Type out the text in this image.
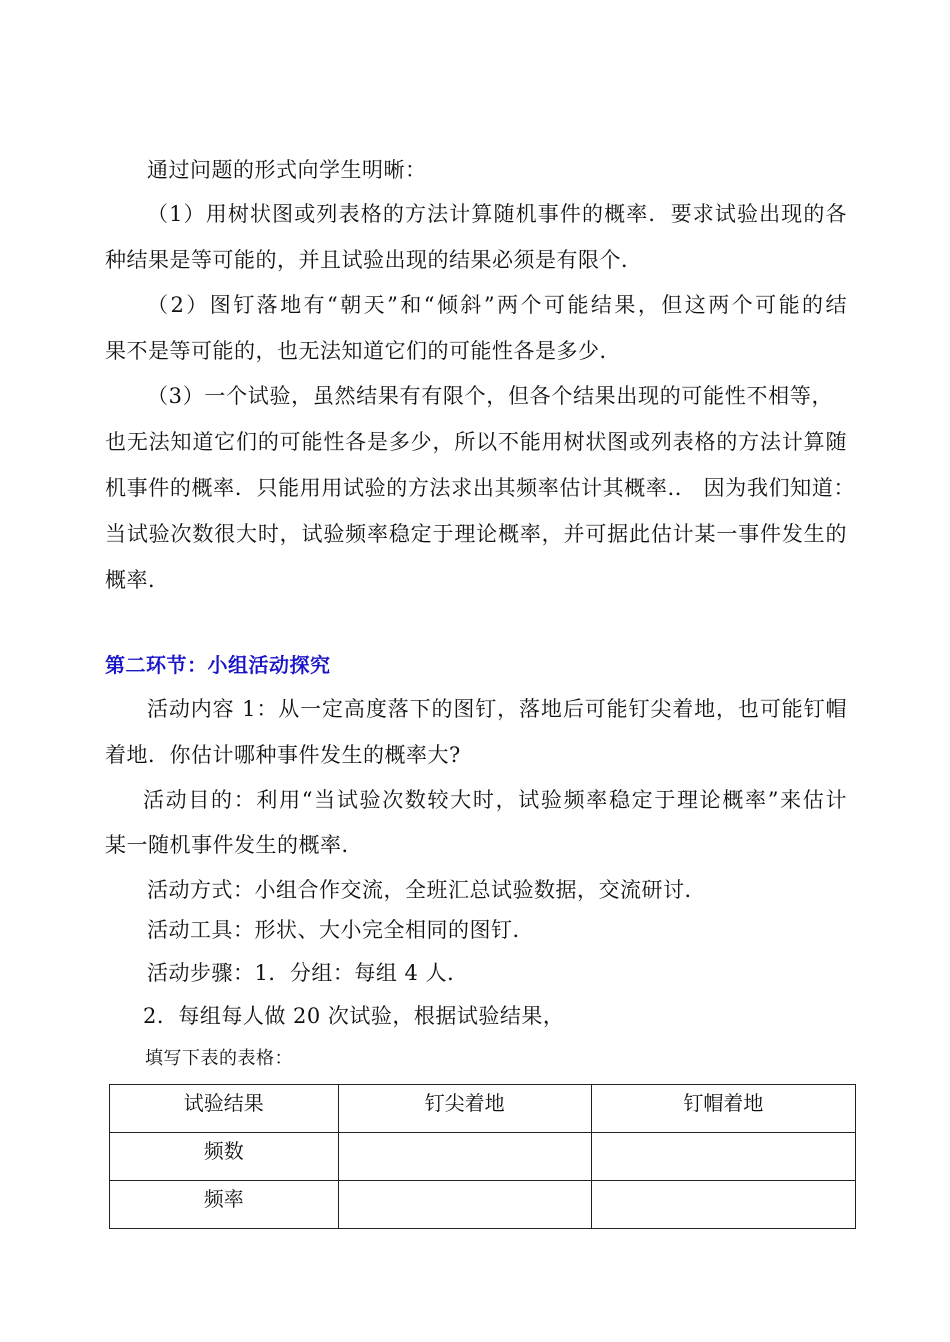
通过问题的形式向学生明晰：
（1）用树状图或列表格的方法计算随机事件的概率．要求试验出现的各
种结果是等可能的，并且试验出现的结果必须是有限个．
（2）图钉落地有“朝天”和“倾斜”两个可能结果，但这两个可能的结
果不是等可能的，也无法知道它们的可能性各是多少．
（3）一个试验，虽然结果有有限个，但各个结果出现的可能性不相等，
也无法知道它们的可能性各是多少，所以不能用树状图或列表格的方法计算随
机事件的概率．只能用用试验的方法求出其频率估计其概率..　因为我们知道：
当试验次数很大时，试验频率稳定于理论概率，并可据此估计某一事件发生的
概率．
第二环节：小组活动探究
活动内容 1：从一定高度落下的图钉，落地后可能钉尖着地，也可能钉帽
着地．你估计哪种事件发生的概率大?
活动目的：利用“当试验次数较大时，试验频率稳定于理论概率”来估计
某一随机事件发生的概率．
活动方式：小组合作交流，全班汇总试验数据，交流研讨．
活动工具：形状、大小完全相同的图钉．
活动步骤：1．分组：每组 4 人．
2．每组每人做 20 次试验，根据试验结果，
填写下表的表格：
试验结果	钉尖着地	钉帽着地
频数		
频率		
